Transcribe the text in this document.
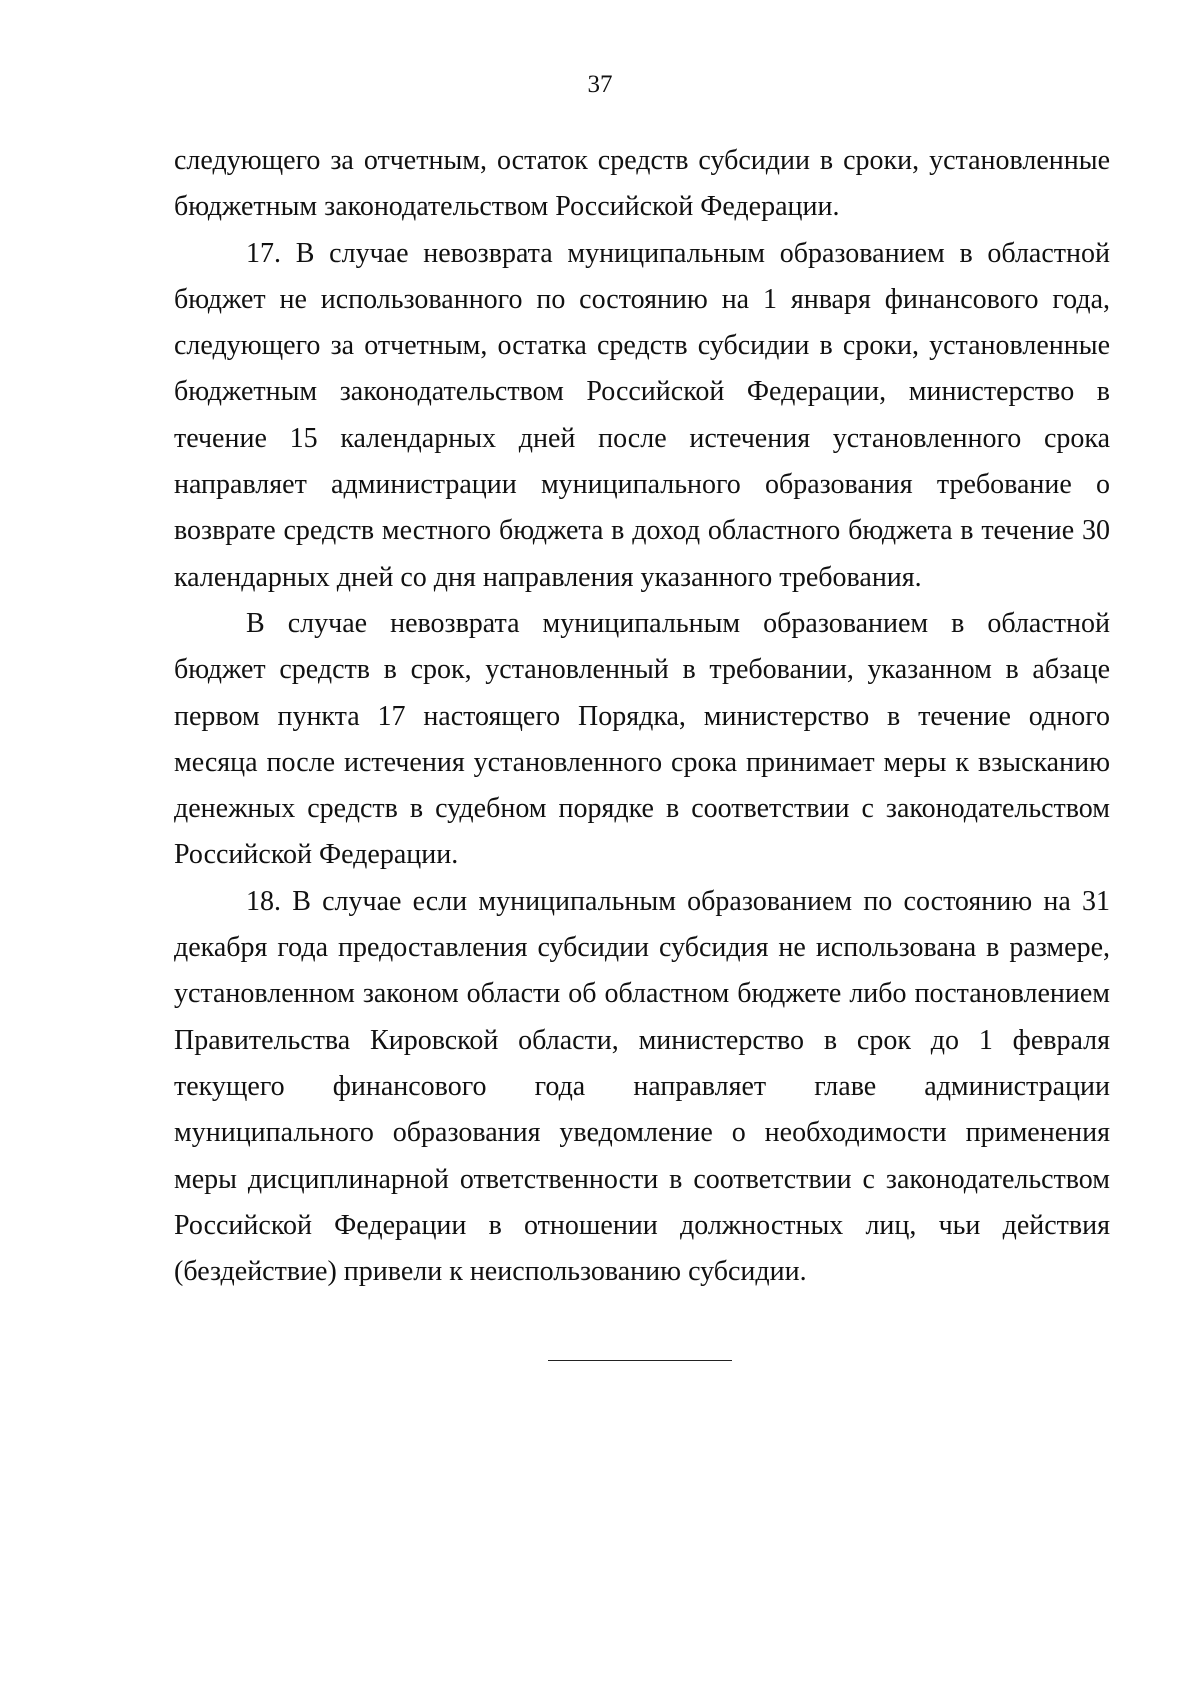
37

следующего за отчетным, остаток средств субсидии в сроки, установленные бюджетным законодательством Российской Федерации.

17. В случае невозврата муниципальным образованием в областной бюджет не использованного по состоянию на 1 января финансового года, следующего за отчетным, остатка средств субсидии в сроки, установленные бюджетным законодательством Российской Федерации, министерство в течение 15 календарных дней после истечения установленного срока направляет администрации муниципального образования требование о возврате средств местного бюджета в доход областного бюджета в течение 30 календарных дней со дня направления указанного требования.

В случае невозврата муниципальным образованием в областной бюджет средств в срок, установленный в требовании, указанном в абзаце первом пункта 17 настоящего Порядка, министерство в течение одного месяца после истечения установленного срока принимает меры к взысканию денежных средств в судебном порядке в соответствии с законодательством Российской Федерации.

18. В случае если муниципальным образованием по состоянию на 31 декабря года предоставления субсидии субсидия не использована в размере, установленном законом области об областном бюджете либо постановлением Правительства Кировской области, министерство в срок до 1 февраля текущего финансового года направляет главе администрации муниципального образования уведомление о необходимости применения меры дисциплинарной ответственности в соответствии с законодательством Российской Федерации в отношении должностных лиц, чьи действия (бездействие) привели к неиспользованию субсидии.
